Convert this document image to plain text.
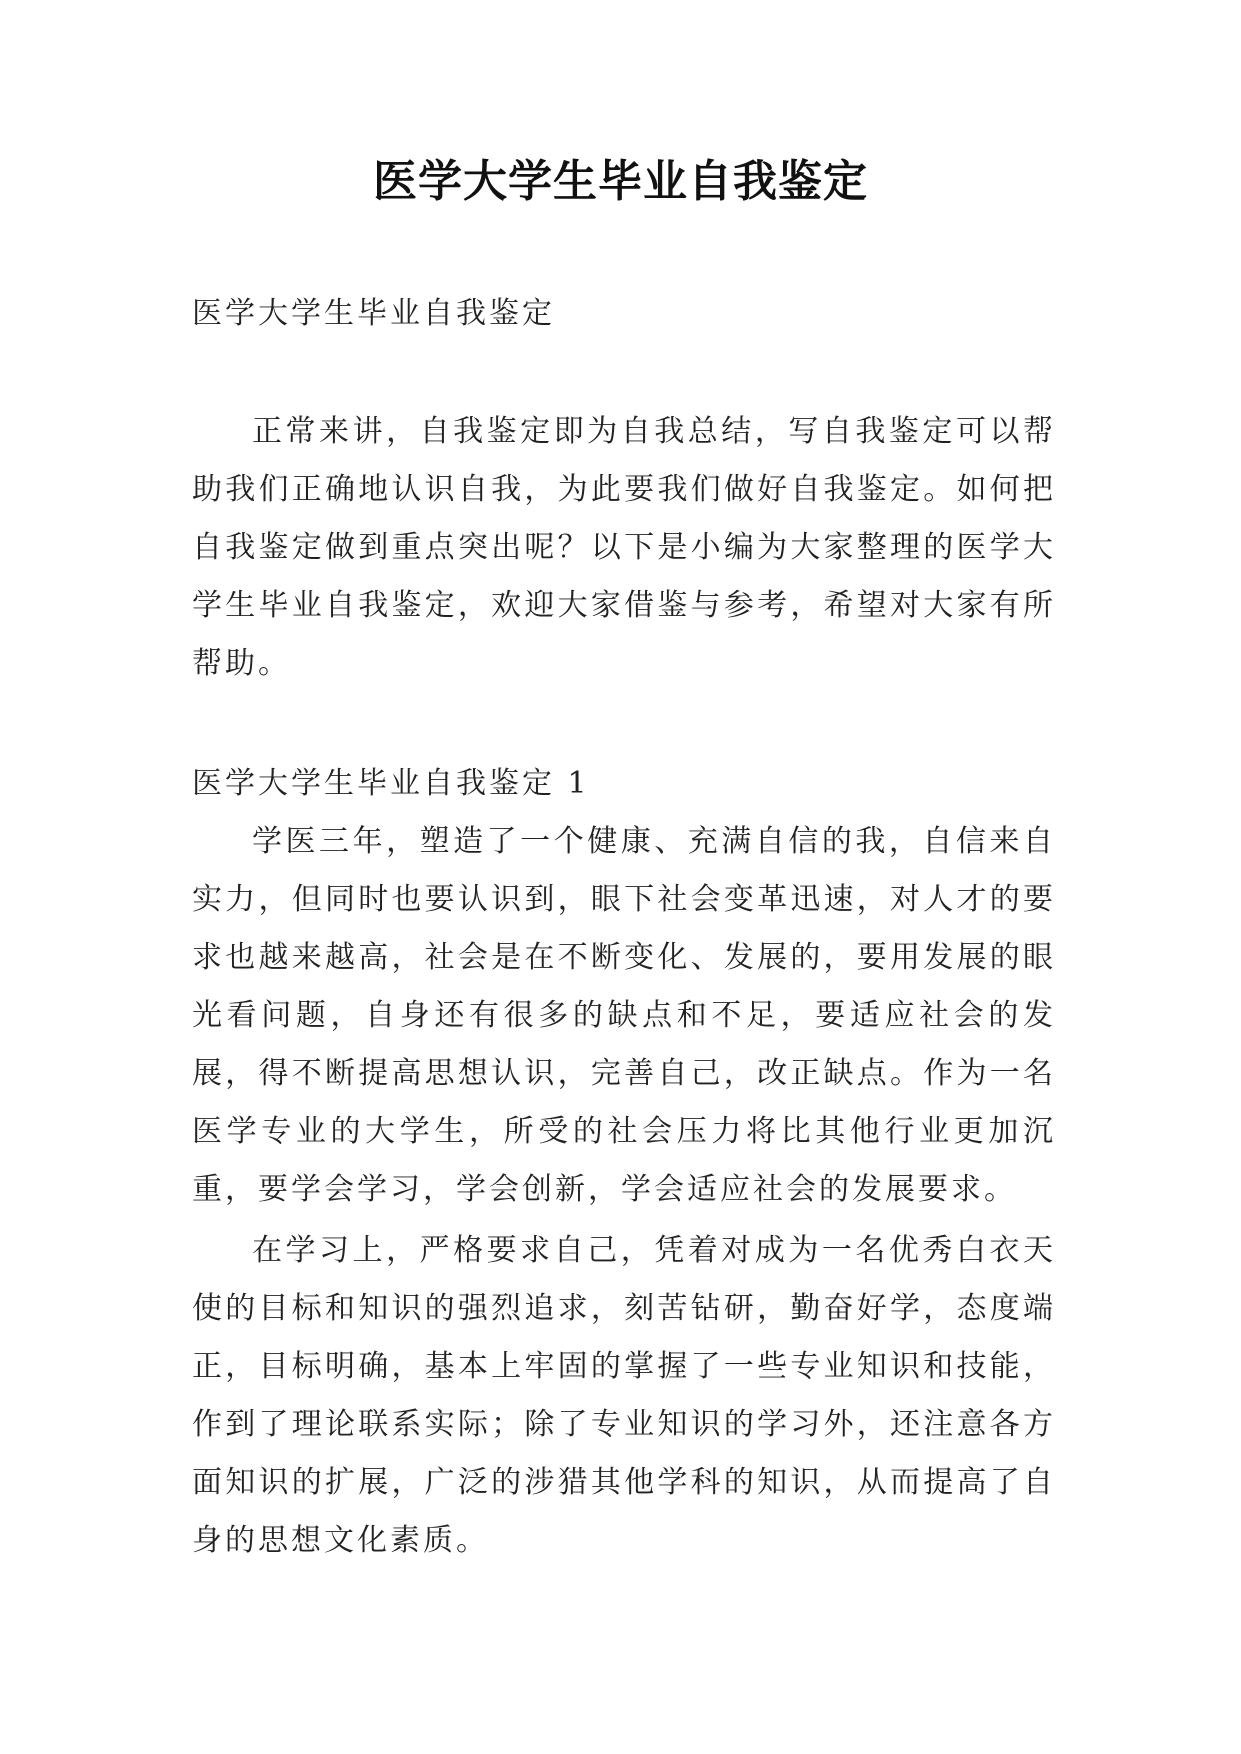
医学大学生毕业自我鉴定
医学大学生毕业自我鉴定

正常来讲，自我鉴定即为自我总结，写自我鉴定可以帮助我们正确地认识自我，为此要我们做好自我鉴定。如何把自我鉴定做到重点突出呢？以下是小编为大家整理的医学大学生毕业自我鉴定，欢迎大家借鉴与参考，希望对大家有所帮助。

医学大学生毕业自我鉴定 1

学医三年，塑造了一个健康、充满自信的我，自信来自实力，但同时也要认识到，眼下社会变革迅速，对人才的要求也越来越高，社会是在不断变化、发展的，要用发展的眼光看问题，自身还有很多的缺点和不足，要适应社会的发展，得不断提高思想认识，完善自己，改正缺点。作为一名医学专业的大学生，所受的社会压力将比其他行业更加沉重，要学会学习，学会创新，学会适应社会的发展要求。

在学习上，严格要求自己，凭着对成为一名优秀白衣天使的目标和知识的强烈追求，刻苦钻研，勤奋好学，态度端正，目标明确，基本上牢固的掌握了一些专业知识和技能，作到了理论联系实际；除了专业知识的学习外，还注意各方面知识的扩展，广泛的涉猎其他学科的知识，从而提高了自身的思想文化素质。
